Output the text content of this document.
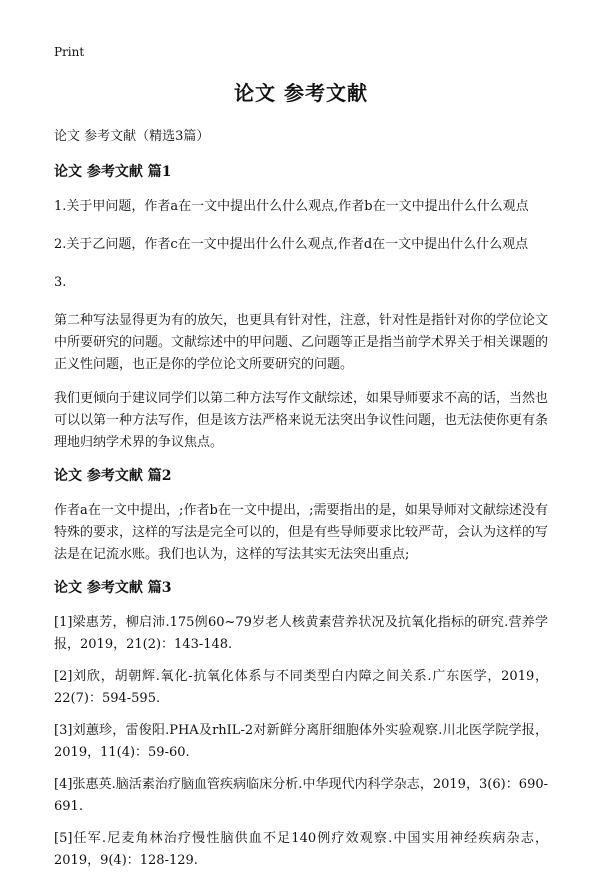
Print
论文 参考文献
论文 参考文献（精选3篇）
论文 参考文献 篇1
1.关于甲问题，作者a在一文中提出什么什么观点,作者b在一文中提出什么什么观点
2.关于乙问题，作者c在一文中提出什么什么观点,作者d在一文中提出什么什么观点
3.
第二种写法显得更为有的放矢，也更具有针对性，注意，针对性是指针对你的学位论文中所要研究的问题。文献综述中的甲问题、乙问题等正是指当前学术界关于相关课题的正义性问题，也正是你的学位论文所要研究的问题。
我们更倾向于建议同学们以第二种方法写作文献综述，如果导师要求不高的话，当然也可以以第一种方法写作，但是该方法严格来说无法突出争议性问题，也无法使你更有条理地归纳学术界的争议焦点。
论文 参考文献 篇2
作者a在一文中提出，;作者b在一文中提出，;需要指出的是，如果导师对文献综述没有特殊的要求，这样的写法是完全可以的，但是有些导师要求比较严苛，会认为这样的写法是在记流水账。我们也认为，这样的写法其实无法突出重点;
论文 参考文献 篇3
[1]梁惠芳，柳启沛.175例60~79岁老人核黄素营养状况及抗氧化指标的研究.营养学报，2019，21(2)：143-148.
[2]刘欣，胡朝辉.氧化-抗氧化体系与不同类型白内障之间关系.广东医学，2019，22(7)：594-595.
[3]刘蕙珍，雷俊阳.PHA及rhIL-2对新鲜分离肝细胞体外实验观察.川北医学院学报，2019，11(4)：59-60.
[4]张惠英.脑活素治疗脑血管疾病临床分析.中华现代内科学杂志，2019，3(6)：690-691.
[5]任军.尼麦角林治疗慢性脑供血不足140例疗效观察.中国实用神经疾病杂志，2019，9(4)：128-129.
